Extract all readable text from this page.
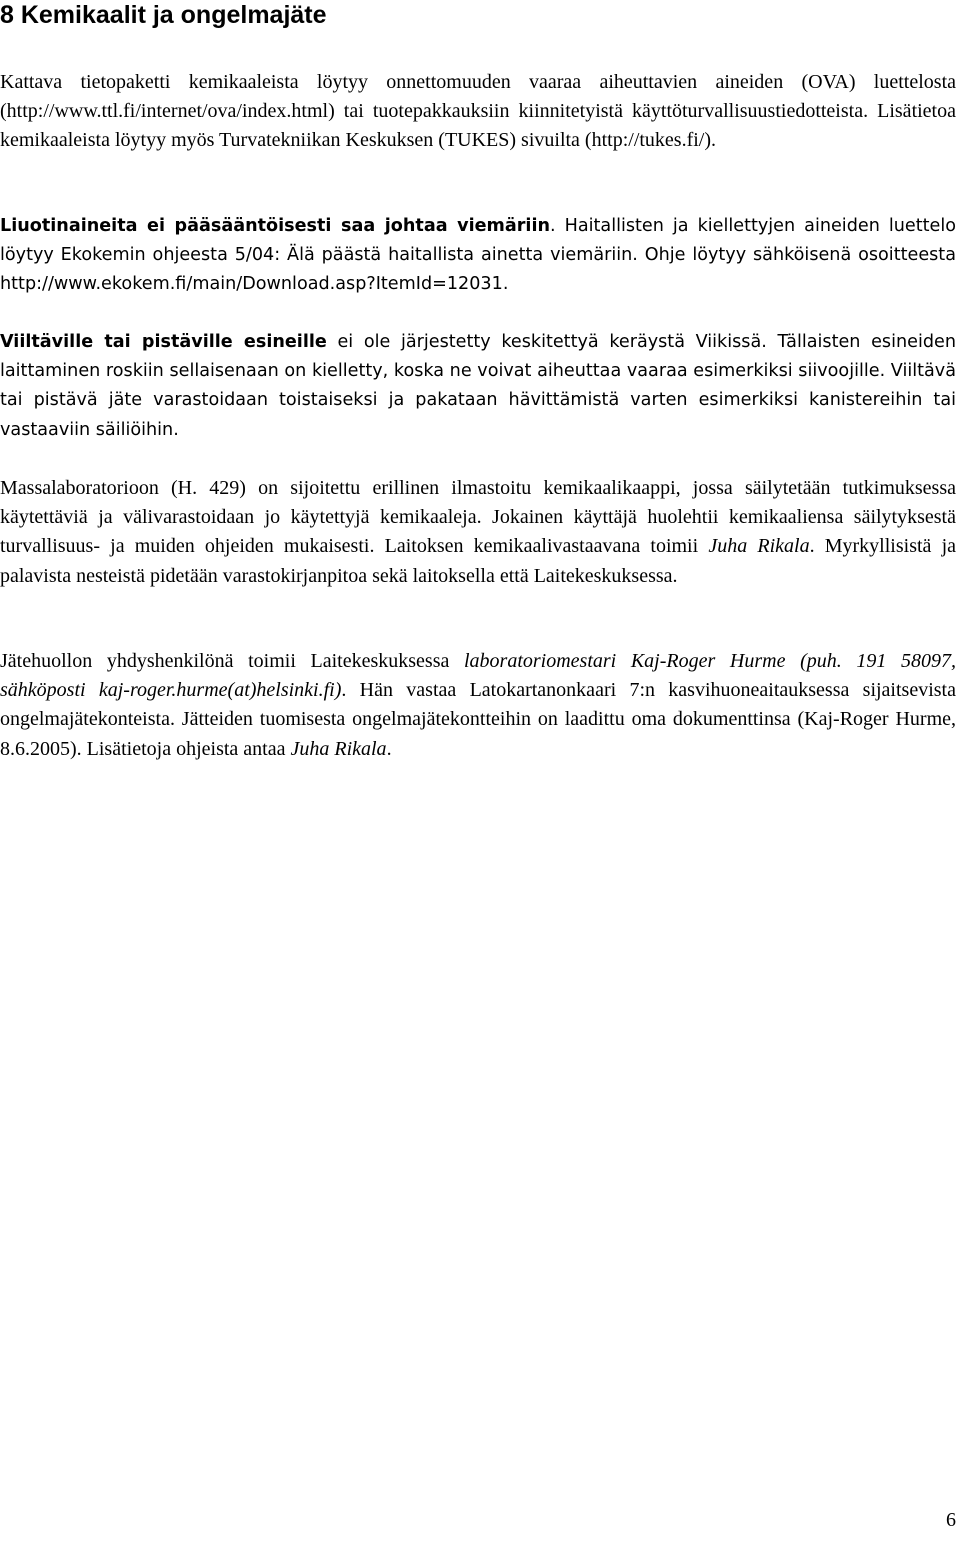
8 Kemikaalit ja ongelmajäte

Kattava tietopaketti kemikaaleista löytyy onnettomuuden vaaraa aiheuttavien aineiden (OVA) luettelosta (http://www.ttl.fi/internet/ova/index.html) tai tuotepakkauksiin kiinnitetyistä käyttöturvallisuustiedotteista. Lisätietoa kemikaaleista löytyy myös Turvatekniikan Keskuksen (TUKES) sivuilta (http://tukes.fi/).

Liuotinaineita ei pääsääntöisesti saa johtaa viemäriin. Haitallisten ja kiellettyjen aineiden luettelo löytyy Ekokemin ohjeesta 5/04: Älä päästä haitallista ainetta viemäriin. Ohje löytyy sähköisenä osoitteesta http://www.ekokem.fi/main/Download.asp?ItemId=12031.

Viiltäville tai pistäville esineille ei ole järjestetty keskitettyä keräystä Viikissä. Tällaisten esineiden laittaminen roskiin sellaisenaan on kielletty, koska ne voivat aiheuttaa vaaraa esimerkiksi siivoojille. Viiltävä tai pistävä jäte varastoidaan toistaiseksi ja pakataan hävittämistä varten esimerkiksi kanistereihin tai vastaaviin säiliöihin.

Massalaboratorioon (H. 429) on sijoitettu erillinen ilmastoitu kemikaalikaappi, jossa säilytetään tutkimuksessa käytettäviä ja välivarastoidaan jo käytettyjä kemikaaleja. Jokainen käyttäjä huolehtii kemikaaliensa säilytyksestä turvallisuus- ja muiden ohjeiden mukaisesti. Laitoksen kemikaalivastaavana toimii Juha Rikala. Myrkyllisistä ja palavista nesteistä pidetään varastokirjanpitoa sekä laitoksella että Laitekeskuksessa.

Jätehuollon yhdyshenkilönä toimii Laitekeskuksessa laboratoriomestari Kaj-Roger Hurme (puh. 191 58097, sähköposti kaj-roger.hurme(at)helsinki.fi). Hän vastaa Latokartanonkaari 7:n kasvihuoneaitauksessa sijaitsevista ongelmajätekonteista. Jätteiden tuomisesta ongelmajätekontteihin on laadittu oma dokumenttinsa (Kaj-Roger Hurme, 8.6.2005). Lisätietoja ohjeista antaa Juha Rikala.

6
